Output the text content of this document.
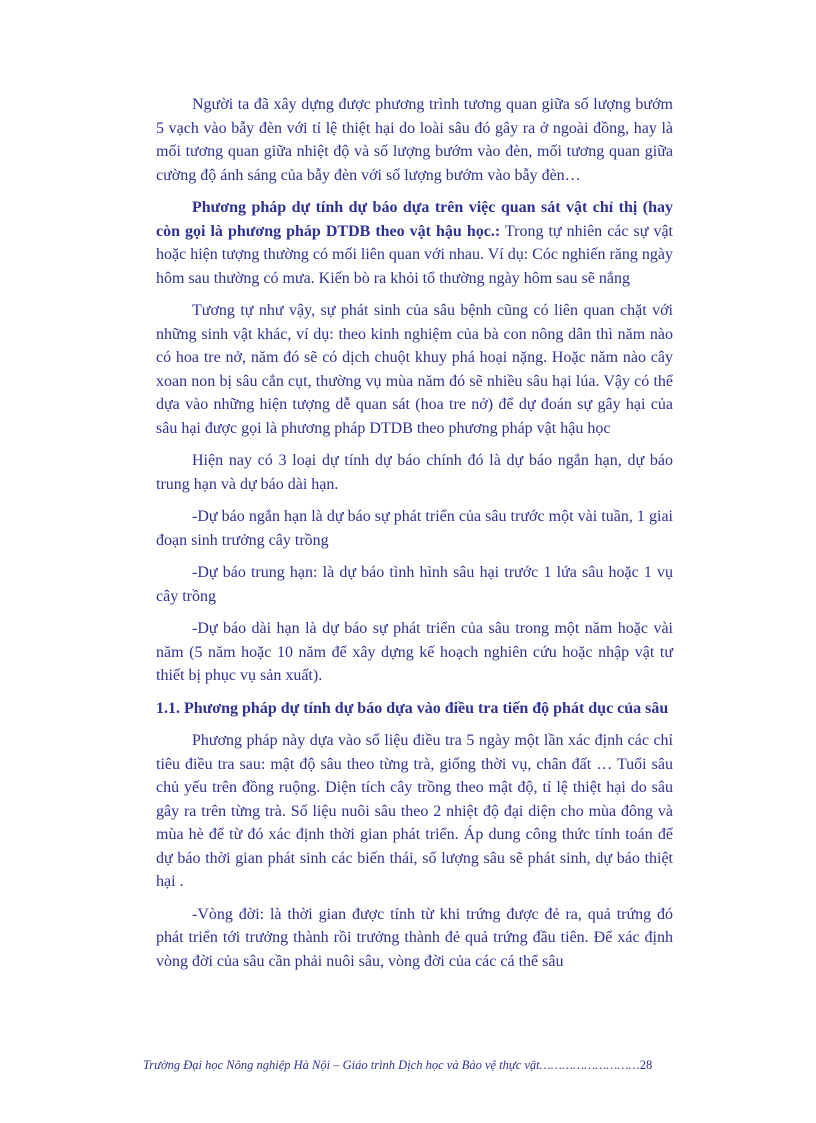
Người ta đã xây dựng được phương trình tương quan giữa số lượng bướm 5 vạch vào bẫy đèn với tỉ lệ thiệt hại do loài sâu đó gây ra ở ngoài đồng, hay là mối tương quan giữa nhiệt độ và số lượng bướm vào đèn, mối tương quan giữa cường độ ánh sáng của bẫy đèn với số lượng bướm vào bẫy đèn…

Phương pháp dự tính dự báo dựa trên việc quan sát vật chỉ thị (hay còn gọi là phương pháp DTDB theo vật hậu học.: Trong tự nhiên các sự vật hoặc hiện tượng thường có mối liên quan với nhau. Ví dụ: Cóc nghiến răng ngày hôm sau thường có mưa. Kiến bò ra khỏi tổ thường ngày hôm sau sẽ nắng

Tương tự như vậy, sự phát sinh của sâu bệnh cũng có liên quan chặt với những sinh vật khác, ví dụ: theo kinh nghiệm của bà con nông dân thì năm nào có hoa tre nở, năm đó sẽ có dịch chuột khuy phá hoại nặng. Hoặc năm nào cây xoan non bị sâu cắn cụt, thường vụ mùa năm đó sẽ nhiều sâu hại lúa. Vậy có thể dựa vào những hiện tượng dễ quan sát (hoa tre nở) để dự đoán sự gây hại của sâu hại được gọi là phương pháp DTDB theo phương pháp vật hậu học

Hiện nay có 3 loại dự tính dự báo chính đó là dự báo ngắn hạn, dự báo trung hạn và dự báo dài hạn.

-Dự báo ngắn hạn là dự báo sự phát triển của sâu trước một vài tuần, 1 giai đoạn sinh trưởng cây trồng

-Dự báo trung hạn: là dự báo tình hình sâu hại trước 1 lứa sâu hoặc 1 vụ cây trồng

-Dự báo dài hạn là dự báo sự phát triển của sâu trong một năm hoặc vài năm (5 năm hoặc 10 năm để xây dựng kế hoạch nghiên cứu hoặc nhập vật tư thiết bị phục vụ sản xuất).

1.1. Phương pháp dự tính dự báo dựa vào điều tra tiến độ phát dục của sâu

Phương pháp này dựa vào số liệu điều tra 5 ngày một lần xác định các chỉ tiêu điều tra sau: mật độ sâu theo từng trà, giống thời vụ, chân đất … Tuổi sâu chủ yếu trên đồng ruộng. Diện tích cây trồng theo mật độ, tỉ lệ thiệt hại do sâu gây ra trên từng trà. Số liệu nuôi sâu theo 2 nhiệt độ đại diện cho mùa đông và mùa hè để từ đó xác định thời gian phát triển. Áp dung công thức tính toán để dự báo thời gian phát sinh các biến thái, số lượng sâu sẽ phát sinh, dự báo thiệt hại .

-Vòng đời: là thời gian được tính từ khi trứng được đẻ ra, quả trứng đó phát triển tới trưởng thành rồi trưởng thành đẻ quả trứng đầu tiên. Để xác định vòng đời của sâu cần phải nuôi sâu, vòng đời của các cá thể sâu

Trường Đại học Nông nghiệp Hà Nội – Giáo trình Dịch học và Bảo vệ thực vật………………………28
